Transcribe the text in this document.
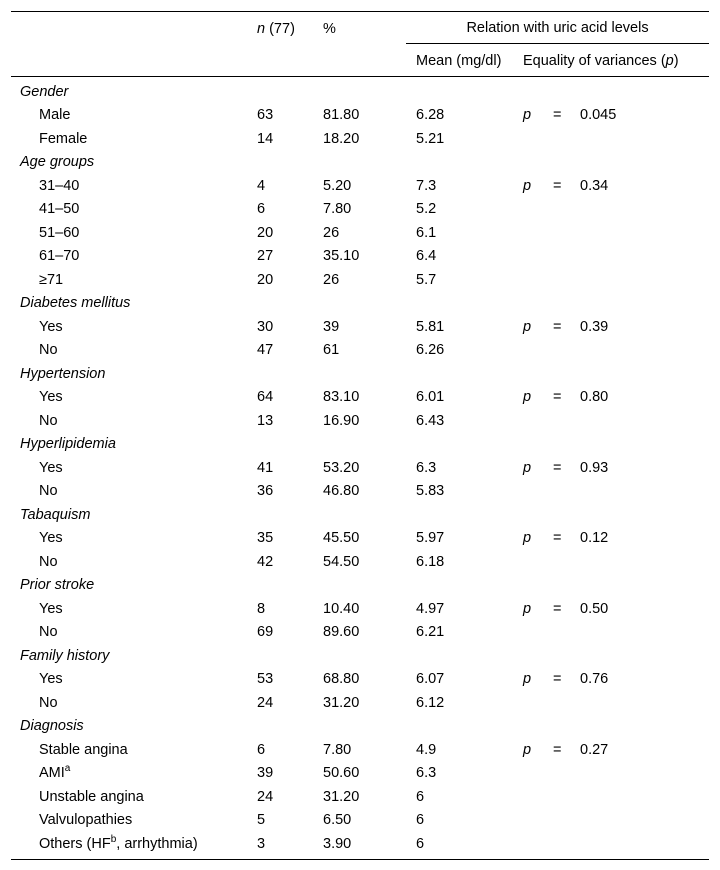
	n (77)	%	Relation with uric acid levels	

			Mean (mg/dl)	Equality of variances (p)
Gender				
Male	63	81.80	6.28	p = 0.045
Female	14	18.20	5.21	
Age groups				
31–40	4	5.20	7.3	p = 0.34
41–50	6	7.80	5.2	
51–60	20	26	6.1	
61–70	27	35.10	6.4	
≥71	20	26	5.7	
Diabetes mellitus				
Yes	30	39	5.81	p = 0.39
No	47	61	6.26	
Hypertension				
Yes	64	83.10	6.01	p = 0.80
No	13	16.90	6.43	
Hyperlipidemia				
Yes	41	53.20	6.3	p = 0.93
No	36	46.80	5.83	
Tabaquism				
Yes	35	45.50	5.97	p = 0.12
No	42	54.50	6.18	
Prior stroke				
Yes	8	10.40	4.97	p = 0.50
No	69	89.60	6.21	
Family history				
Yes	53	68.80	6.07	p = 0.76
No	24	31.20	6.12	
Diagnosis				
Stable angina	6	7.80	4.9	p = 0.27
AMI$^a$	39	50.60	6.3	
Unstable angina	24	31.20	6	
Valvulopathies	5	6.50	6	
Others ($HF^b$, arrhythmia)	3	3.90	6	
